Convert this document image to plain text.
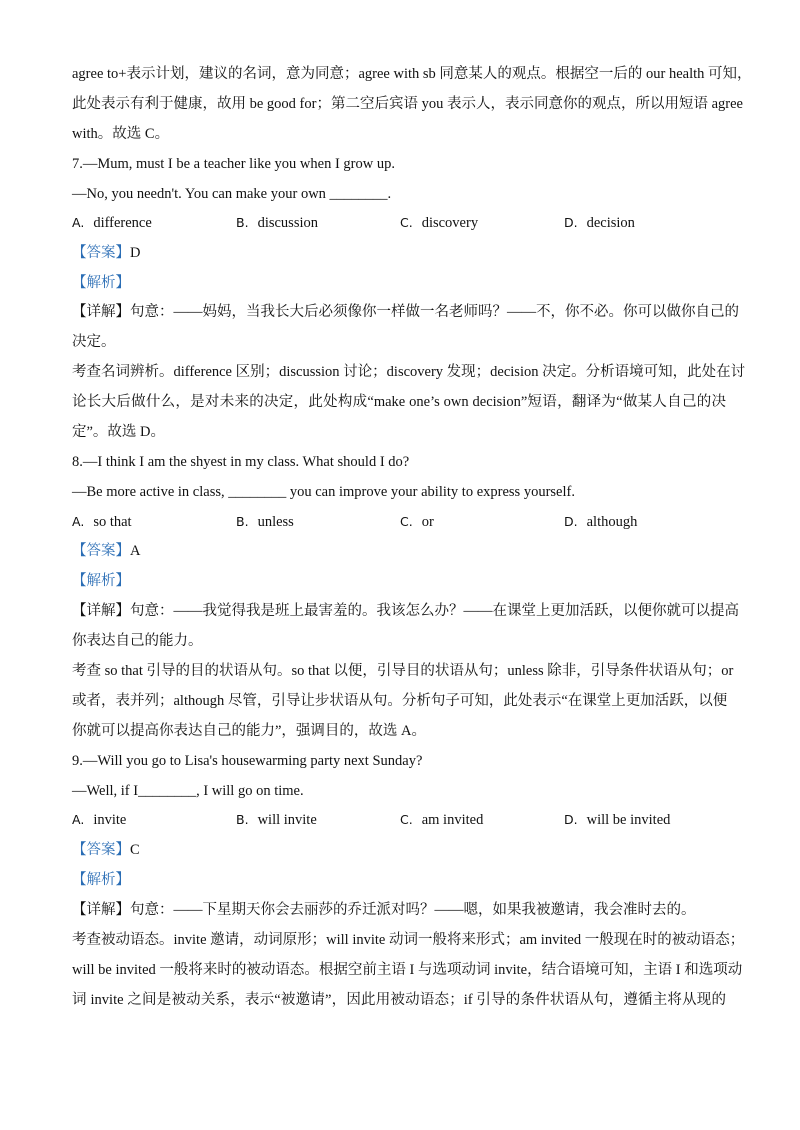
agree to+表示计划，建议的名词，意为同意；agree with sb 同意某人的观点。根据空一后的 our health 可知，
此处表示有利于健康，故用 be good for；第二空后宾语 you 表示人，表示同意你的观点，所以用短语 agree
with。故选 C。
7.—Mum, must I be a teacher like you when I grow up.
—No, you needn't. You can make your own ________.
A. difference	B. discussion	C. discovery	D. decision
【答案】D
【解析】
【详解】句意：——妈妈，当我长大后必须像你一样做一名老师吗？——不，你不必。你可以做你自己的
决定。
考查名词辨析。difference 区别；discussion 讨论；discovery 发现；decision 决定。分析语境可知，此处在讨
论长大后做什么，是对未来的决定，此处构成“make one’s own decision”短语，翻译为“做某人自己的决
定”。故选 D。
8.—I think I am the shyest in my class. What should I do?
—Be more active in class, ________ you can improve your ability to express yourself.
A. so that	B. unless	C. or	D. although
【答案】A
【解析】
【详解】句意：——我觉得我是班上最害羞的。我该怎么办？——在课堂上更加活跃，以便你就可以提高
你表达自己的能力。
考查 so that 引导的目的状语从句。so that 以便，引导目的状语从句；unless 除非，引导条件状语从句；or
或者，表并列；although 尽管，引导让步状语从句。分析句子可知，此处表示“在课堂上更加活跃，以便
你就可以提高你表达自己的能力”，强调目的，故选 A。
9.—Will you go to Lisa's housewarming party next Sunday?
—Well, if I________, I will go on time.
A. invite	B. will invite	C. am invited	D. will be invited
【答案】C
【解析】
【详解】句意：——下星期天你会去丽莎的乔迁派对吗？——嗯，如果我被邀请，我会准时去的。
考查被动语态。invite 邀请，动词原形；will invite 动词一般将来形式；am invited 一般现在时的被动语态；
will be invited 一般将来时的被动语态。根据空前主语 I 与选项动词 invite，结合语境可知，主语 I 和选项动
词 invite 之间是被动关系，表示“被邀请”，因此用被动语态；if 引导的条件状语从句，遵循主将从现的
